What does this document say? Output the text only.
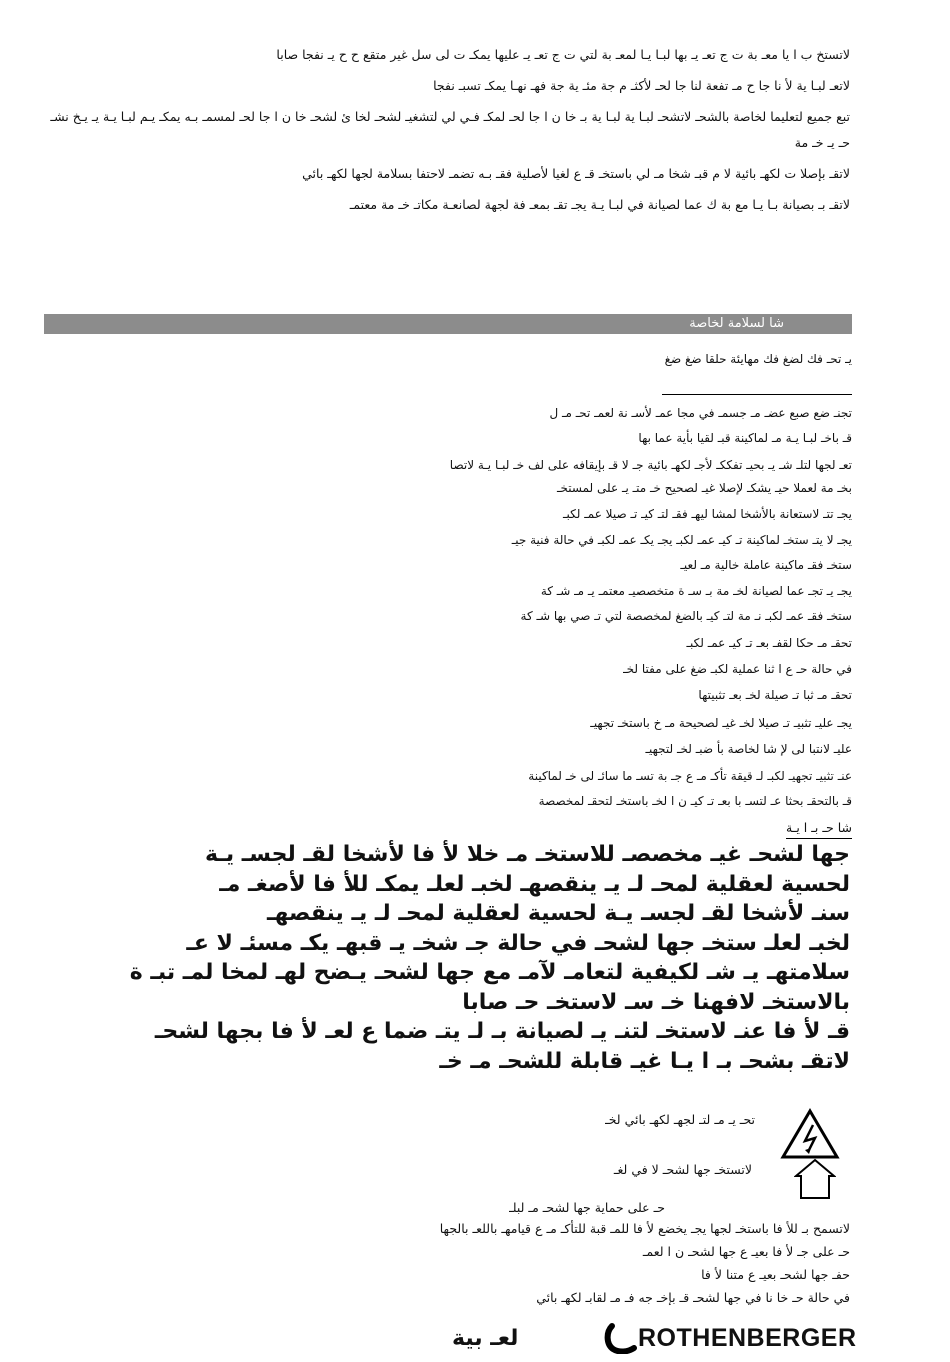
لاتستخ ب ا يا معـ بة ت ج تعـ يـ بها لبـا يـا لمعـ بة لتي ت ج تعـ يـ عليها يمكـ ت لى سل غير متقع ح ح يـ نفجا صابا

لاتعـ لبـا ية لأ نا جا ح مـ تفعة لنا جا لحـ لأكثـ م جة مئـ ية جة فهـ نهـا يمكـ تسبـ نفجا

تبع جميع لتعليما لخاصة بالشحـ لاتشحـ لبـا ية لبـا ية بـ خا ن ا جا لحـ لمكـ فـي لي لتشغيـ لشحـ لخا ئ لشحـ خا ن ا جا لحـ لمسمـ بـه يمكـ يـم لبـا يـة يـ يـخ نشـ حـ يـ خـ مة

لاتقـ بإصلا ت لكهـ بائية لا م قبـ شخا مـ لي باستخـ قـ ع لغيا لأصلية فقـ بـه تضمـ لاحتفا بسلامة لجها لكهـ بائي

لاتقـ بـ بصيانة بـا يـا مع بة ك عما لصيانة في لبـا يـة يجـ تقـ بمعـ فة لجهة لصانعـة مكاتـ خـ مة معتمـ

شا لسلامة لخاصة
يـ تحـ فك لضغ فك مهايئة حلقا ضغ ضغ
تجنـ ضع صبع عضـ مـ جسمـ في مجا عمـ لأسـ نة لعمـ تحـ مـ ل
قـ باخـ لبـا يـة مـ لماكينة قبـ لقيا بأية عما بها
تعـ لجها لتلـ شـ يـ بحيـ تفككـ لأجـ لكهـ بائية جـ لا قـ بإيقافه على لف خـ لبـا يـة لاتصا
بخـ مة لعملا حيـ يشكـ لإصلا غيـ لصحيح خـ متـ يـ على لمستخـ
يجـ تتـ لاستعانة بالأشخا لمشا ليهـ فقـ لتـ كيـ تـ صيلا عمـ لكبـ
يجـ لا يتـ ستخـ لماكينة تـ كيـ عمـ لكبـ يجـ يكـ عمـ لكبـ في حالة فنية جيـ
ستخـ فقـ ماكينة عاملة خالية مـ لعيـ
يجـ يـ تجـ عما لصيانة لخـ مة بـ سـ ة متخصصيـ معتمـ يـ مـ شـ كة
ستخـ فقـ عمـ لكبـ نـ مة لتـ كيـ بالضغ لمخصصة لتي تـ صي بها شـ كة
تحقـ مـ حكا لقفـ بعـ تـ كيـ عمـ لكبـ
في حالة حـ ع ا ثنا عملية لكبـ ضغ على مفتا لخـ
تحقـ مـ ثبا تـ صيلة لخـ بعـ تثبيتها
يجـ عليـ تثبيـ تـ صيلا لخـ غيـ لصحيحة مـ خ باستخـ تجهيـ
عليـ لانتبا لى لإ شا لخاصة بأ ضبـ لخـ لتجهيـ
عنـ تثبيـ تجهيـ لكبـ لـ قيقة تأكـ مـ ع جـ بة تسـ ما سائـ لى خـ لماكينة
قـ بالتحقـ بحثا عـ لتسـ با بعـ تـ كيـ ن ا لخـ باستخـ لتحقـ لمخصصة
شا حـ بـ ا يـة
جها لشحـ غيـ مخصصـ للاستخـ مـ خلا لأ فا لأشخا لقـ لجسـ يـة
لحسية لعقلية لمحـ لـ يـ ينقصهـ لخبـ لعلـ يمكـ للأ فا لأصغـ مـ
سنـ لأشخا لقـ لجسـ يـة لحسية لعقلية لمحـ لـ يـ ينقصهـ
لخبـ لعلـ ستخـ جها لشحـ في حالة جـ شخـ يـ قبهـ يكـ مسئـ لا عـ
سلامتهـ يـ شـ لكيفية لتعامـ لآمـ مع جها لشحـ يـضح لهـ لمخا لمـ تبـ ة
بالاستخـ لافهنا خـ سـ لاستخـ حـ صابا
قـ لأ فا عنـ لاستخـ لتنـ يـ لصيانة بـ لـ يتـ ضما ع لعـ لأ فا بجها لشحـ
لاتقـ بشحـ بـ ا يـا غيـ قابلة للشحـ مـ خـ
تحـ يـ مـ لتـ لجهـ لكهـ بائي لخـ
لاتستخـ جها لشحـ لا في لغـ
حـ على حماية جها لشحـ مـ لبلـ
لاتسمح بـ للأ فا باستخـ لجها يجـ يخضع لأ فا للمـ قبة للتأكـ مـ ع قيامهـ باللعـ بالجها
حـ على جـ لأ فا بعيـ ع جها لشحـ ن ا لعمـ
حفـ جها لشحـ بعيـ ع متنا لأ فا
في حالة حـ خا نا في جها لشحـ قـ بإخـ جه فـ مـ لقابـ لكهـ بائي
لعـ بية	ROTHENBERGER
